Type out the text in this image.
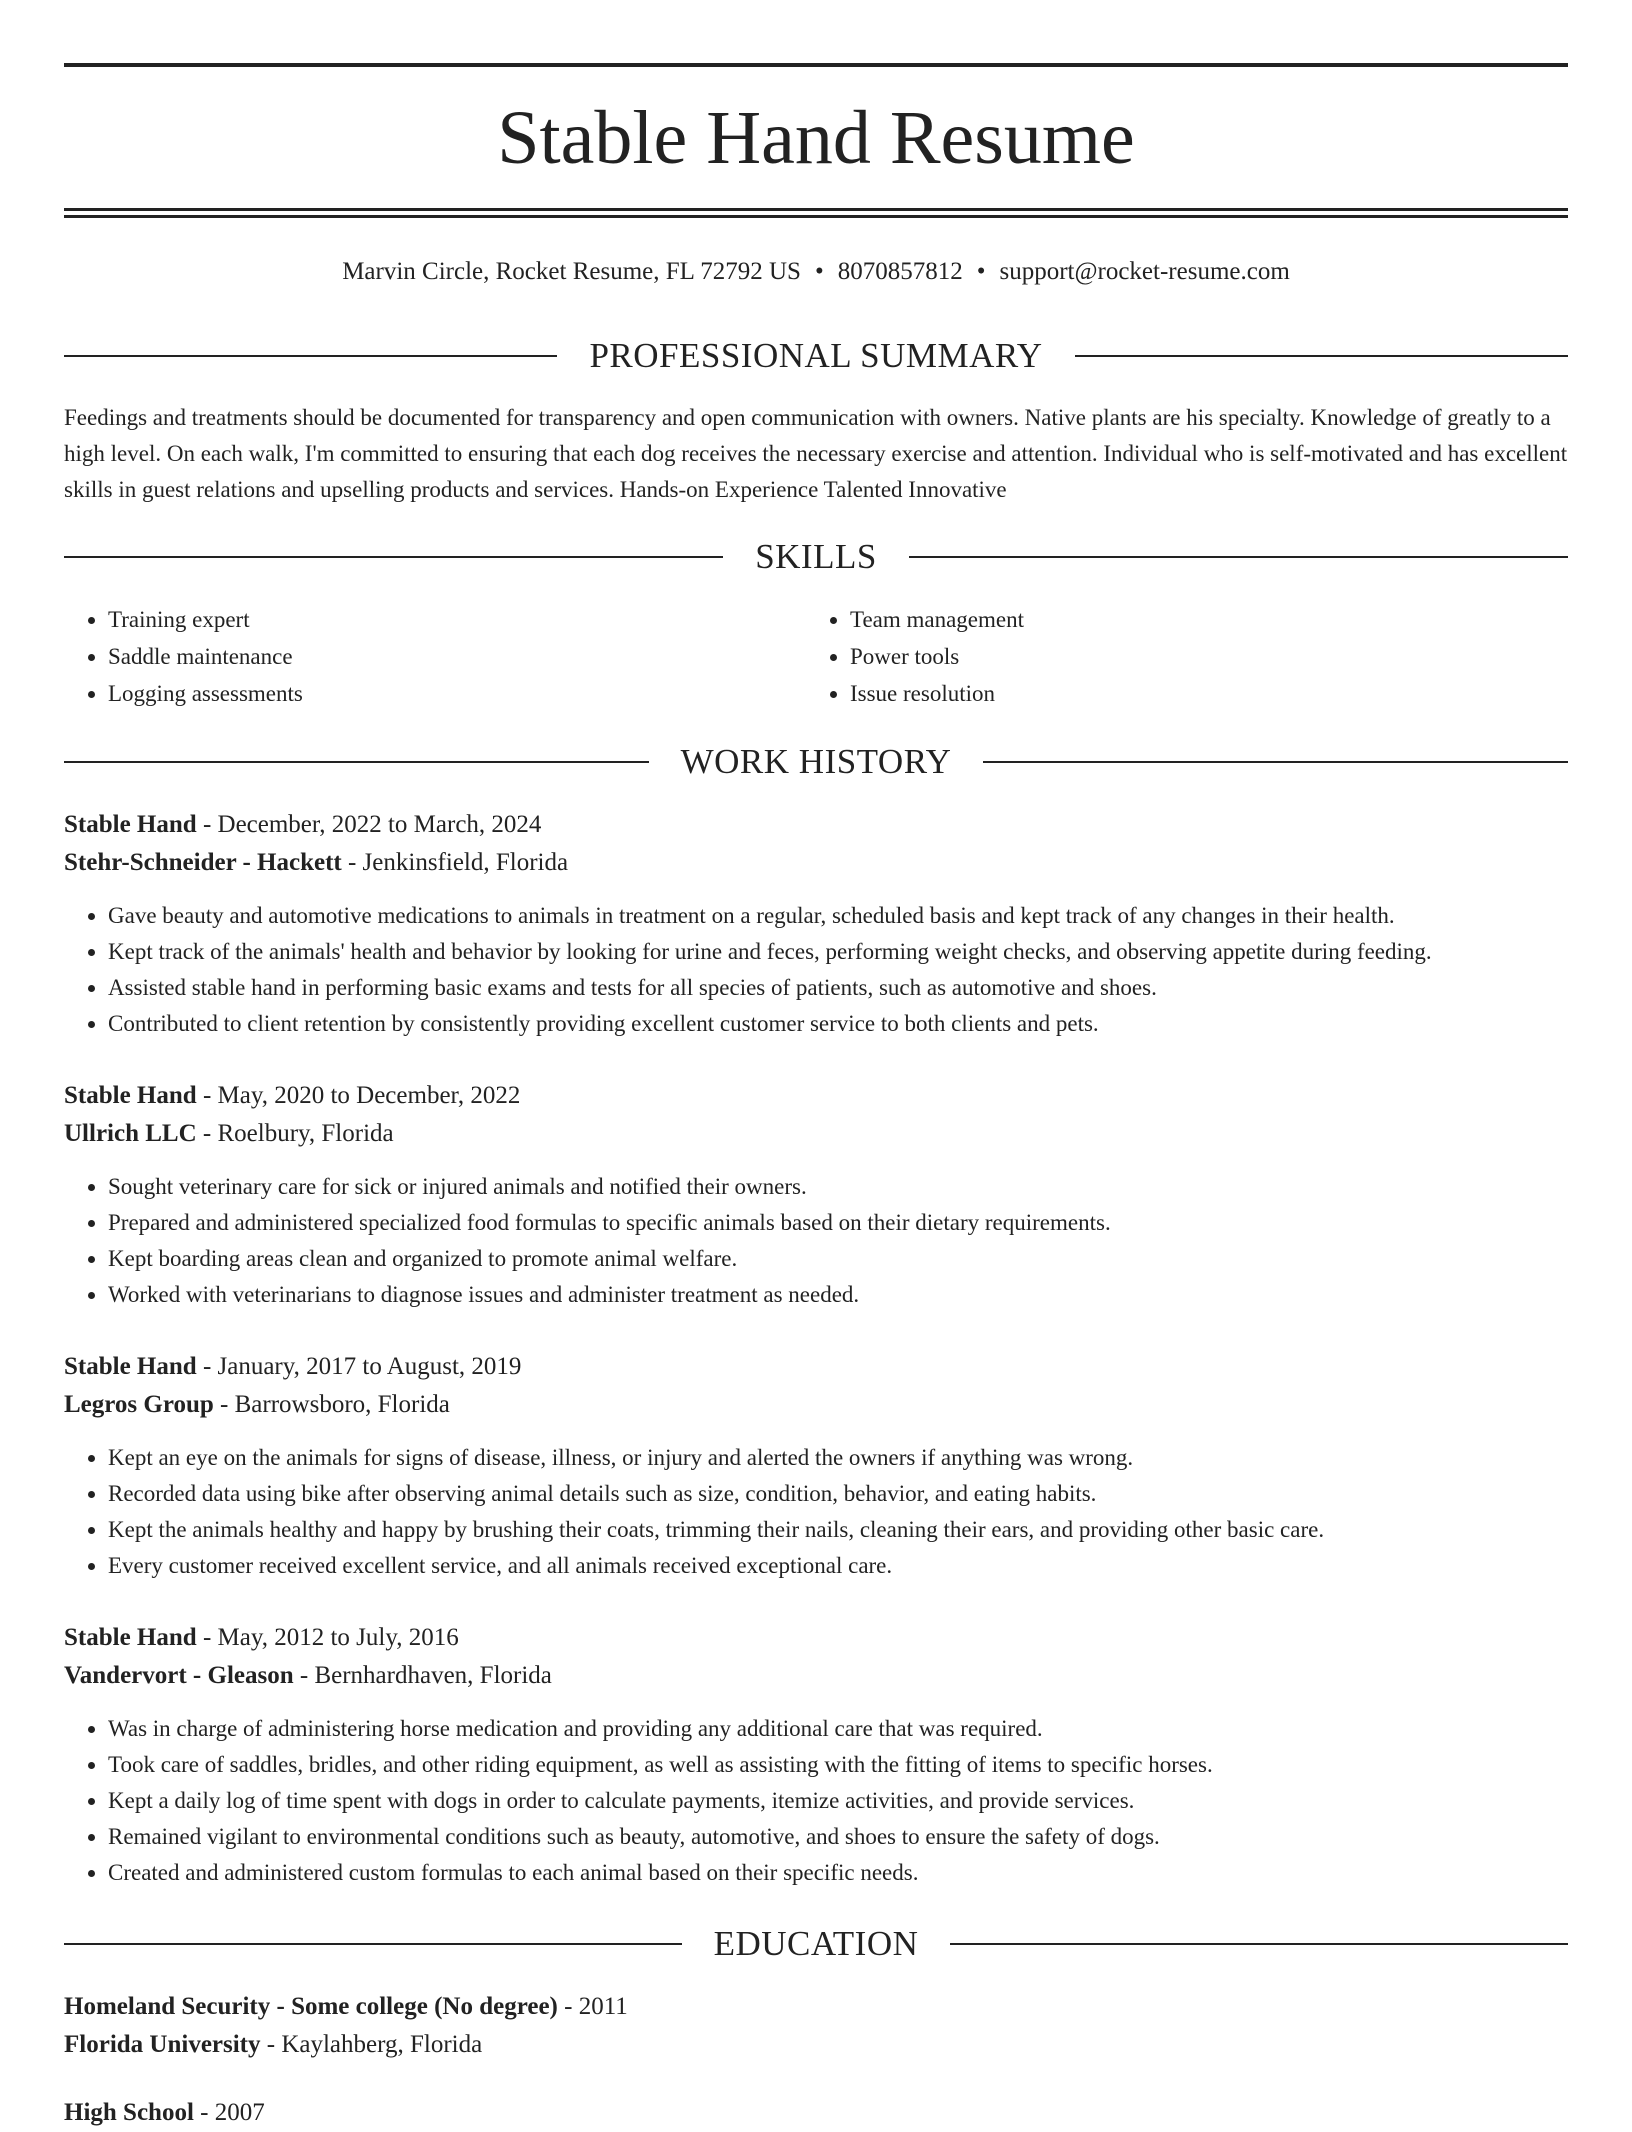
Stable Hand Resume
Marvin Circle, Rocket Resume, FL 72792 US • 8070857812 • support@rocket-resume.com
PROFESSIONAL SUMMARY

Feedings and treatments should be documented for transparency and open communication with owners. Native plants are his specialty. Knowledge of greatly to a high level. On each walk, I'm committed to ensuring that each dog receives the necessary exercise and attention. Individual who is self-motivated and has excellent skills in guest relations and upselling products and services. Hands-on Experience Talented Innovative

SKILLS
• Training expert
• Saddle maintenance
• Logging assessments
• Team management
• Power tools
• Issue resolution
WORK HISTORY

Stable Hand - December, 2022 to March, 2024

Stehr-Schneider - Hackett - Jenkinsfield, Florida

• Gave beauty and automotive medications to animals in treatment on a regular, scheduled basis and kept track of any changes in their health.
• Kept track of the animals' health and behavior by looking for urine and feces, performing weight checks, and observing appetite during feeding.
• Assisted stable hand in performing basic exams and tests for all species of patients, such as automotive and shoes.
• Contributed to client retention by consistently providing excellent customer service to both clients and pets.

Stable Hand - May, 2020 to December, 2022

Ullrich LLC - Roelbury, Florida

• Sought veterinary care for sick or injured animals and notified their owners.
• Prepared and administered specialized food formulas to specific animals based on their dietary requirements.
• Kept boarding areas clean and organized to promote animal welfare.
• Worked with veterinarians to diagnose issues and administer treatment as needed.

Stable Hand - January, 2017 to August, 2019

Legros Group - Barrowsboro, Florida

• Kept an eye on the animals for signs of disease, illness, or injury and alerted the owners if anything was wrong.
• Recorded data using bike after observing animal details such as size, condition, behavior, and eating habits.
• Kept the animals healthy and happy by brushing their coats, trimming their nails, cleaning their ears, and providing other basic care.
• Every customer received excellent service, and all animals received exceptional care.

Stable Hand - May, 2012 to July, 2016

Vandervort - Gleason - Bernhardhaven, Florida

• Was in charge of administering horse medication and providing any additional care that was required.
• Took care of saddles, bridles, and other riding equipment, as well as assisting with the fitting of items to specific horses.
• Kept a daily log of time spent with dogs in order to calculate payments, itemize activities, and provide services.
• Remained vigilant to environmental conditions such as beauty, automotive, and shoes to ensure the safety of dogs.
• Created and administered custom formulas to each animal based on their specific needs.
EDUCATION

Homeland Security - Some college (No degree) - 2011

Florida University - Kaylahberg, Florida

High School - 2007
